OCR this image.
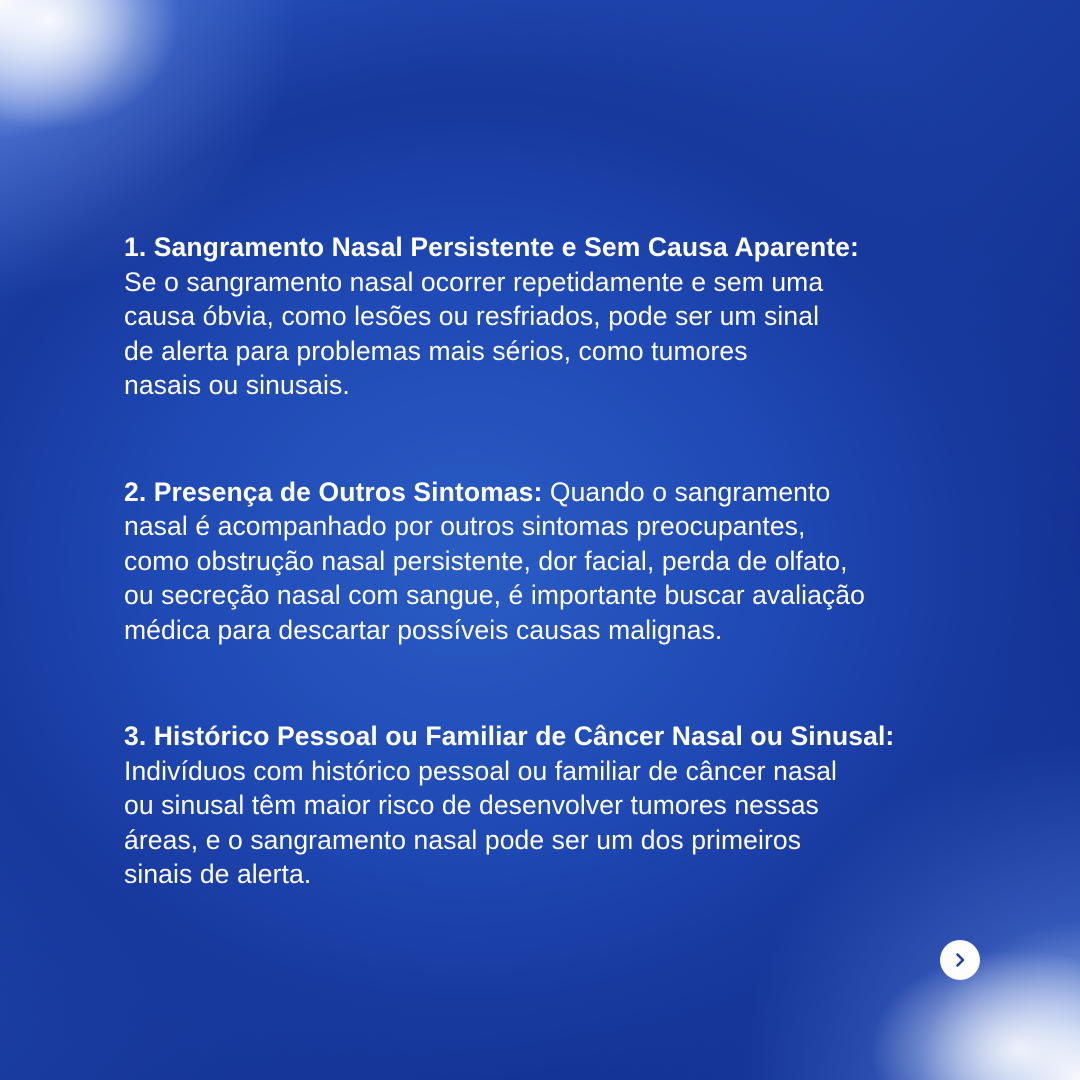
1. Sangramento Nasal Persistente e Sem Causa Aparente:

Se o sangramento nasal ocorrer repetidamente e sem uma

causa óbvia, como lesões ou resfriados, pode ser um sinal

de alerta para problemas mais sérios, como tumores

nasais ou sinusais.

2. Presença de Outros Sintomas: Quando o sangramento

nasal é acompanhado por outros sintomas preocupantes,

como obstrução nasal persistente, dor facial, perda de olfato,

ou secreção nasal com sangue, é importante buscar avaliação

médica para descartar possíveis causas malignas.

3. Histórico Pessoal ou Familiar de Câncer Nasal ou Sinusal:

Indivíduos com histórico pessoal ou familiar de câncer nasal

ou sinusal têm maior risco de desenvolver tumores nessas

áreas, e o sangramento nasal pode ser um dos primeiros

sinais de alerta.
